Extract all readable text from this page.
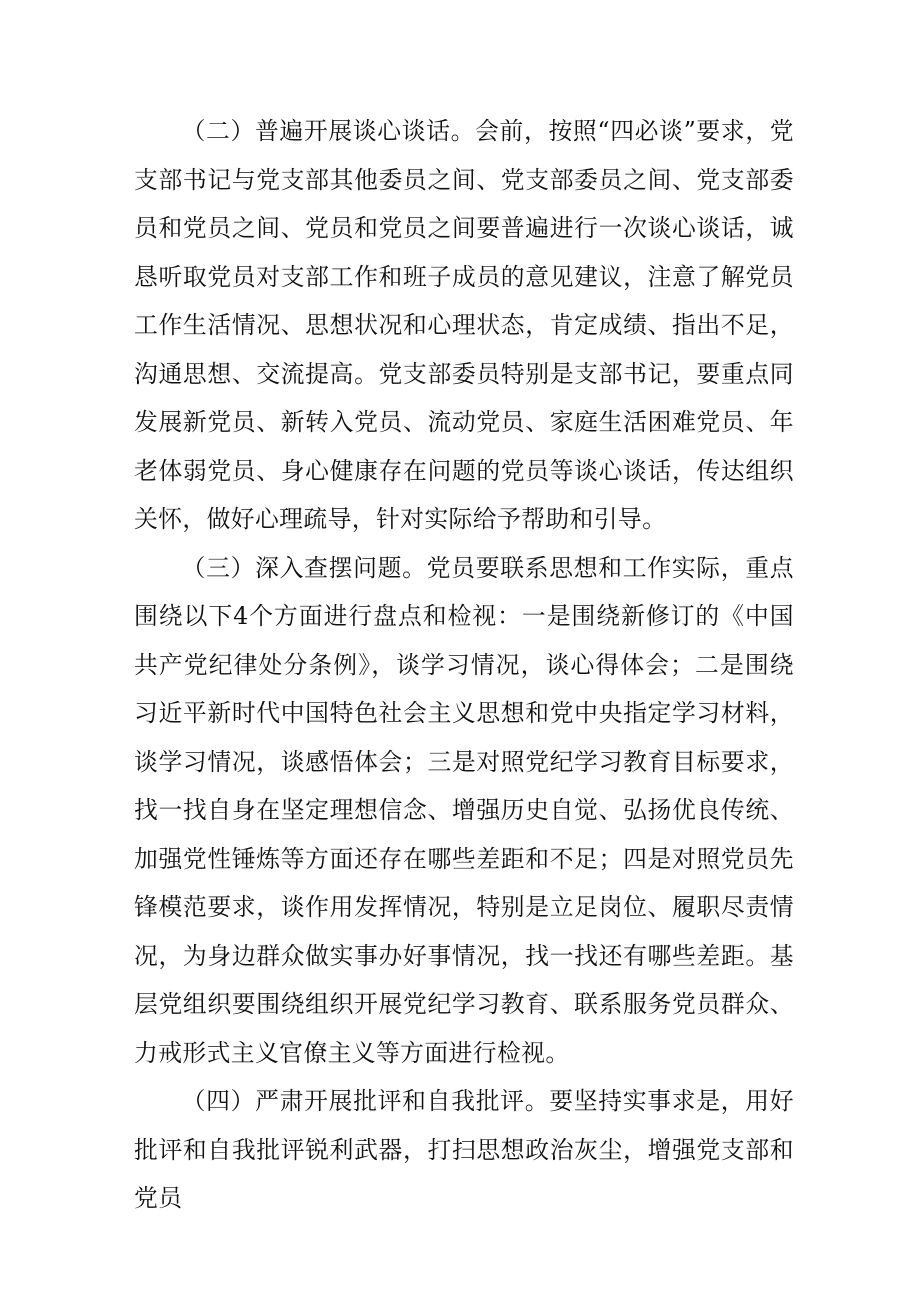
（二）普遍开展谈心谈话。会前，按照“四必谈”要求，党支部书记与党支部其他委员之间、党支部委员之间、党支部委员和党员之间、党员和党员之间要普遍进行一次谈心谈话，诚恳听取党员对支部工作和班子成员的意见建议，注意了解党员工作生活情况、思想状况和心理状态，肯定成绩、指出不足，沟通思想、交流提高。党支部委员特别是支部书记，要重点同发展新党员、新转入党员、流动党员、家庭生活困难党员、年老体弱党员、身心健康存在问题的党员等谈心谈话，传达组织关怀，做好心理疏导，针对实际给予帮助和引导。

（三）深入查摆问题。党员要联系思想和工作实际，重点围绕以下4个方面进行盘点和检视：一是围绕新修订的《中国共产党纪律处分条例》，谈学习情况，谈心得体会；二是围绕习近平新时代中国特色社会主义思想和党中央指定学习材料，谈学习情况，谈感悟体会；三是对照党纪学习教育目标要求，找一找自身在坚定理想信念、增强历史自觉、弘扬优良传统、加强党性锤炼等方面还存在哪些差距和不足；四是对照党员先锋模范要求，谈作用发挥情况，特别是立足岗位、履职尽责情况，为身边群众做实事办好事情况，找一找还有哪些差距。基层党组织要围绕组织开展党纪学习教育、联系服务党员群众、力戒形式主义官僚主义等方面进行检视。

（四）严肃开展批评和自我批评。要坚持实事求是，用好批评和自我批评锐利武器，打扫思想政治灰尘，增强党支部和党员
